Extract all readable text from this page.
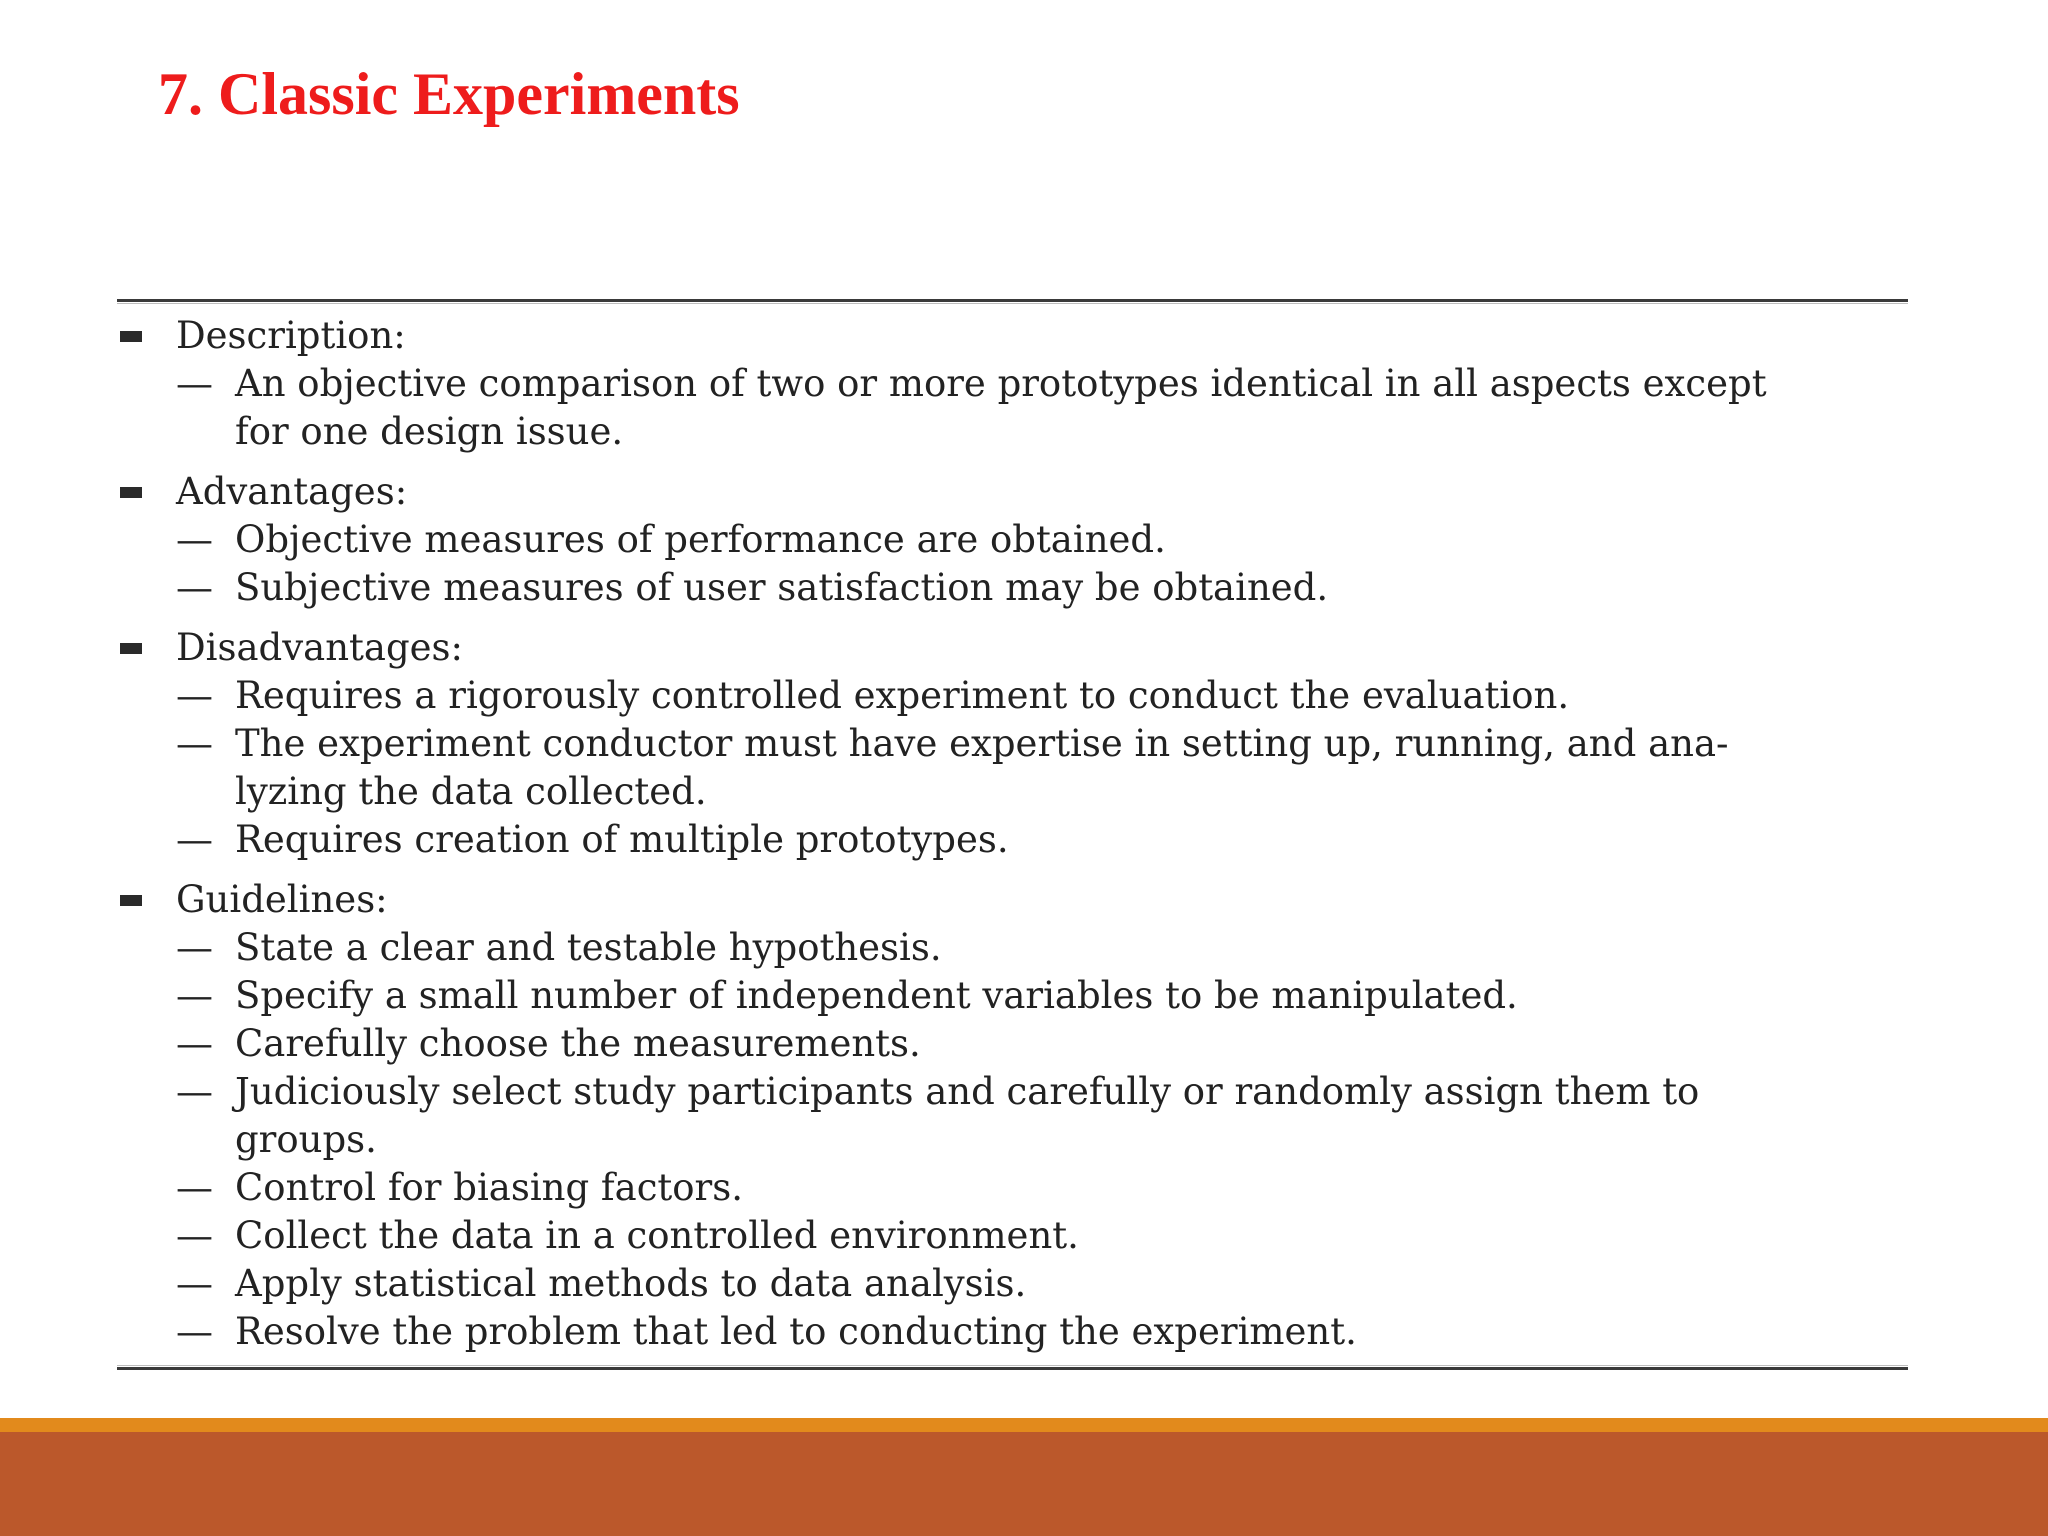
7. Classic Experiments
Description:
— An objective comparison of two or more prototypes identical in all aspects except
for one design issue.
Advantages:
— Objective measures of performance are obtained.
— Subjective measures of user satisfaction may be obtained.
Disadvantages:
— Requires a rigorously controlled experiment to conduct the evaluation.
— The experiment conductor must have expertise in setting up, running, and ana-
lyzing the data collected.
— Requires creation of multiple prototypes.
Guidelines:
— State a clear and testable hypothesis.
— Specify a small number of independent variables to be manipulated.
— Carefully choose the measurements.
— Judiciously select study participants and carefully or randomly assign them to
groups.
— Control for biasing factors.
— Collect the data in a controlled environment.
— Apply statistical methods to data analysis.
— Resolve the problem that led to conducting the experiment.
